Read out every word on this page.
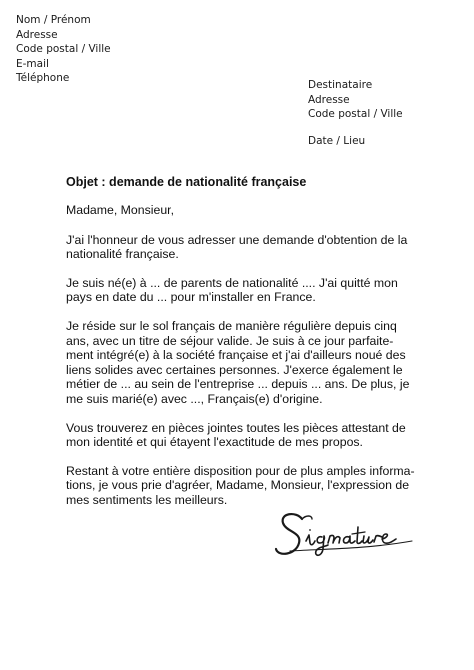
Nom / Prénom
Adresse
Code postal / Ville
E-mail
Téléphone
Destinataire
Adresse
Code postal / Ville
Date / Lieu
Objet : demande de nationalité française

Madame, Monsieur,

J'ai l'honneur de vous adresser une demande d'obtention de la
nationalité française.

Je suis né(e) à ... de parents de nationalité .... J'ai quitté mon
pays en date du ... pour m'installer en France.

Je réside sur le sol français de manière régulière depuis cinq
ans, avec un titre de séjour valide. Je suis à ce jour parfaite-
ment intégré(e) à la société française et j'ai d'ailleurs noué des
liens solides avec certaines personnes. J'exerce également le
métier de ... au sein de l'entreprise ... depuis ... ans. De plus, je
me suis marié(e) avec ..., Français(e) d'origine.

Vous trouverez en pièces jointes toutes les pièces attestant de
mon identité et qui étayent l'exactitude de mes propos.

Restant à votre entière disposition pour de plus amples informa-
tions, je vous prie d'agréer, Madame, Monsieur, l'expression de
mes sentiments les meilleurs.
